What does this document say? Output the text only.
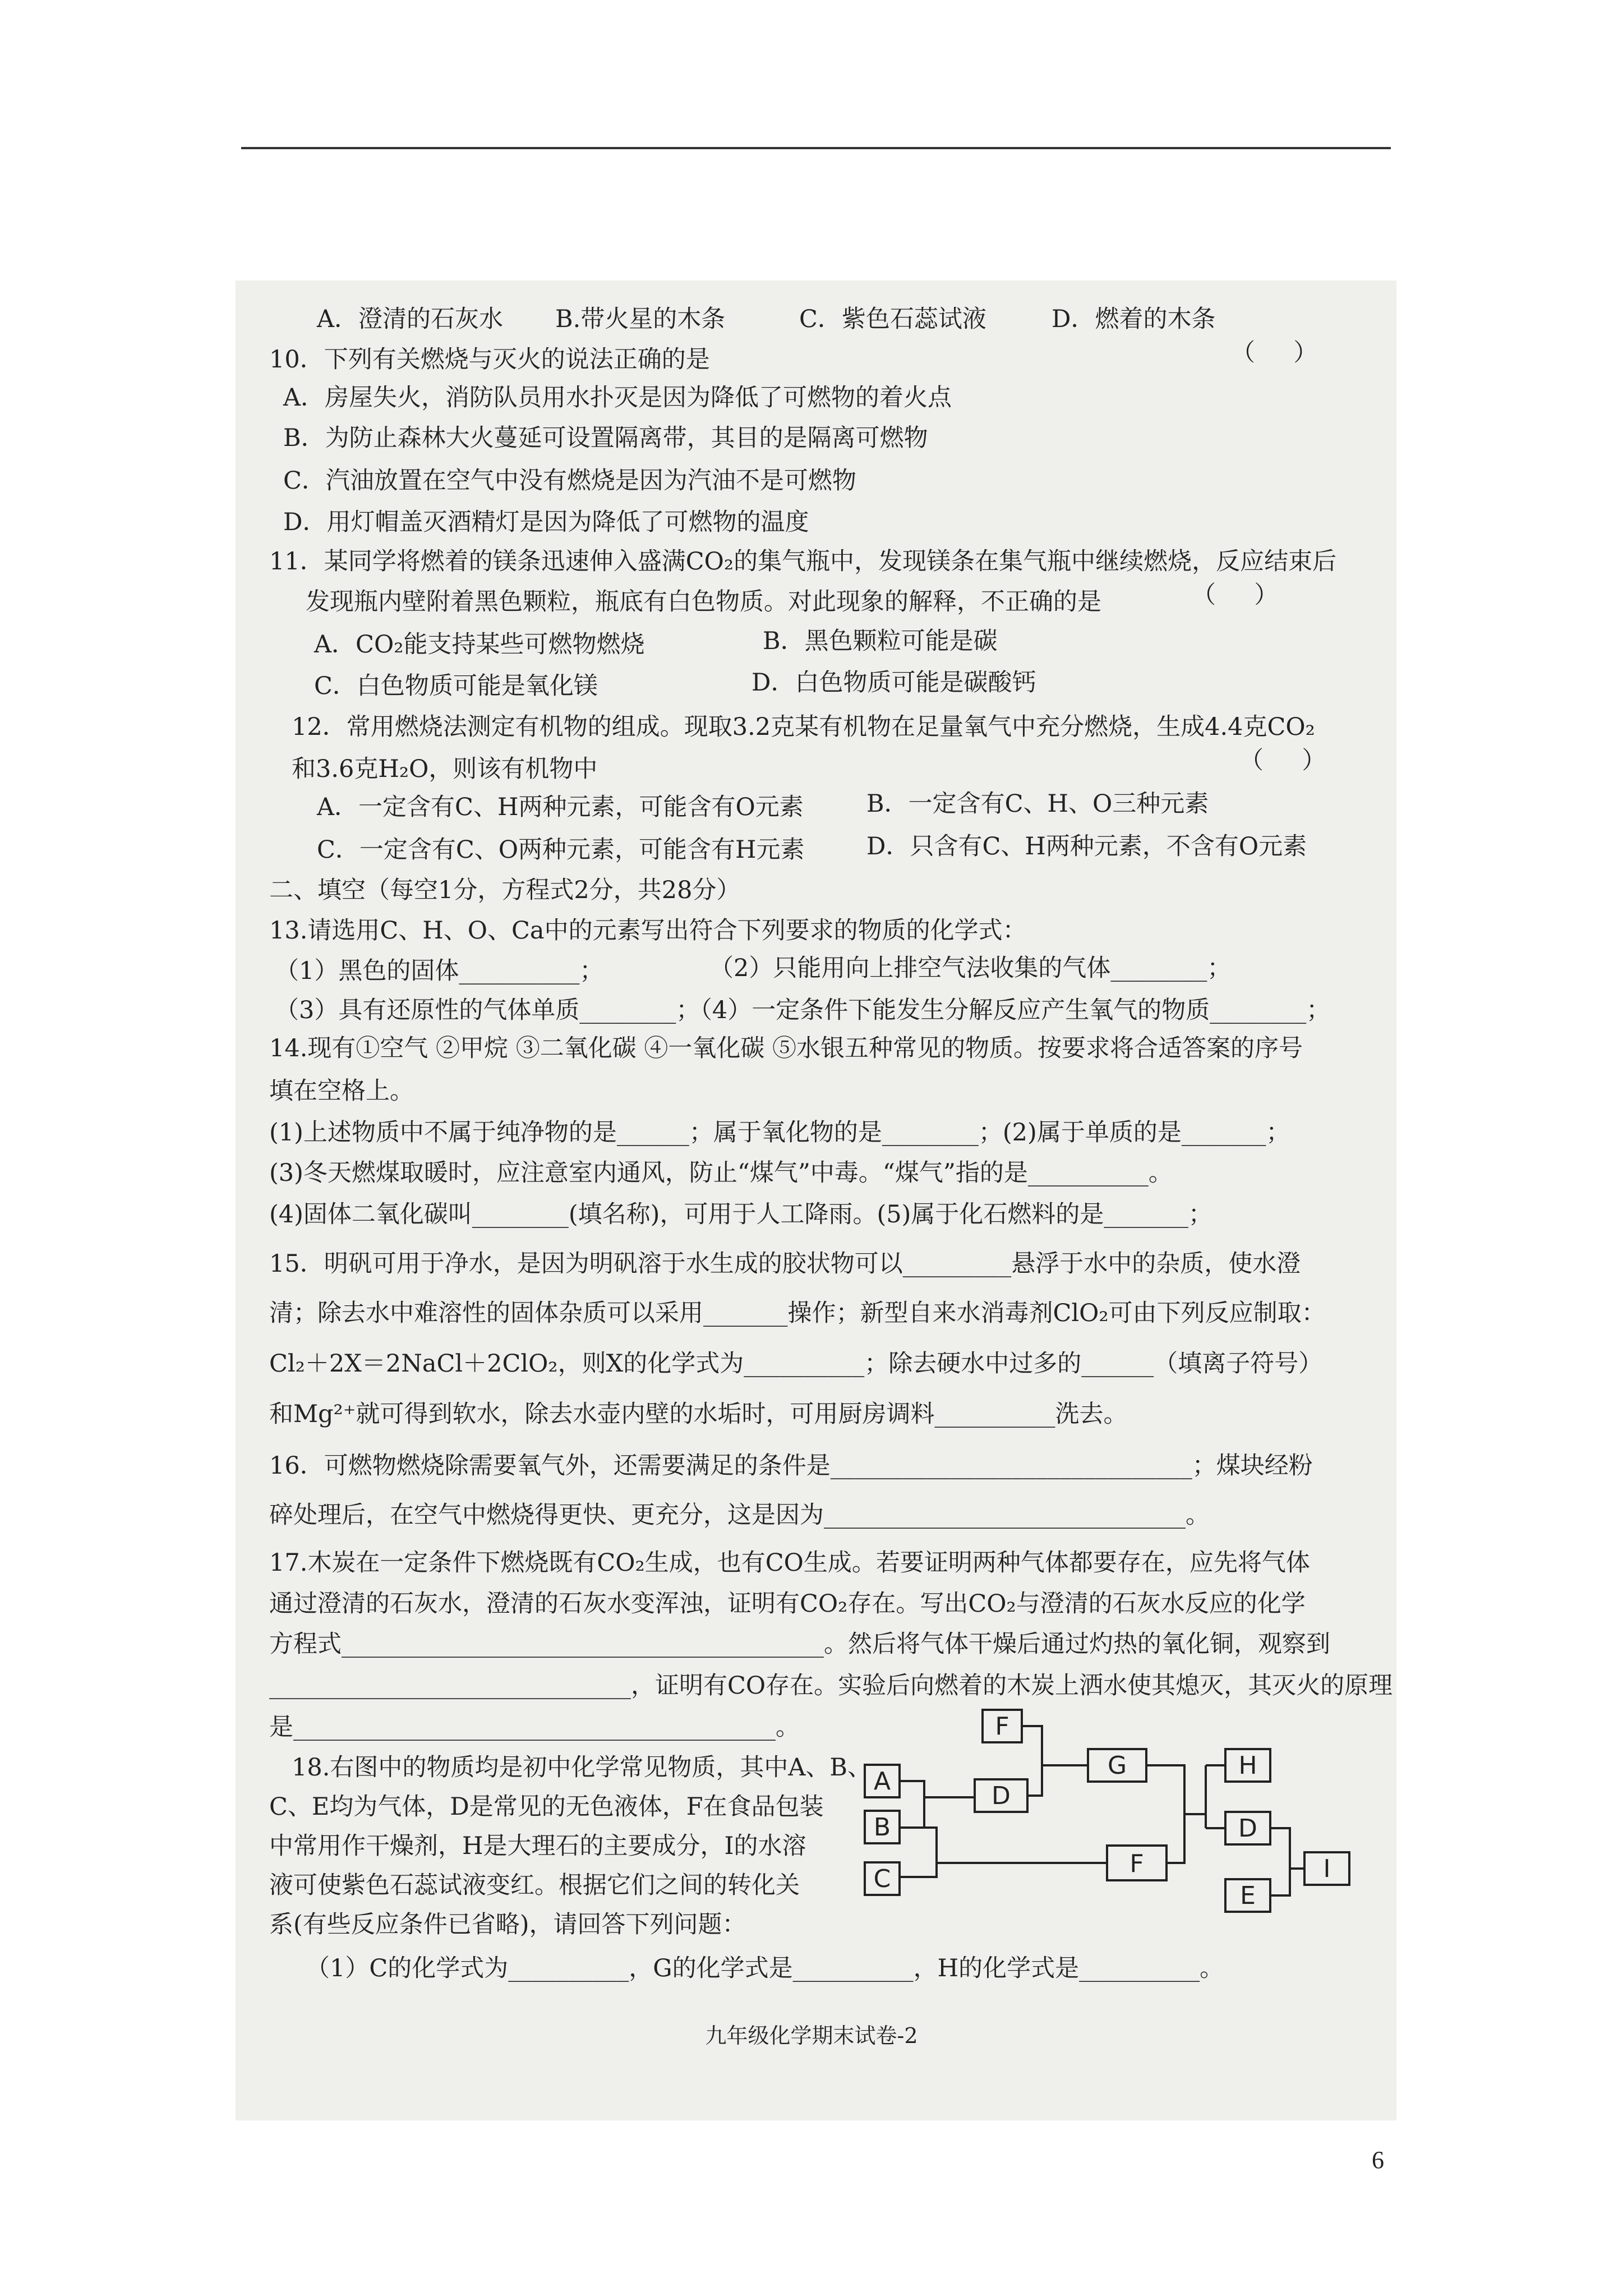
A．澄清的石灰水 B.带火星的木条	C．紫色石蕊试液	D．燃着的木条
10．下列有关燃烧与灭火的说法正确的是	（     ）
A．房屋失火，消防队员用水扑灭是因为降低了可燃物的着火点
B．为防止森林大火蔓延可设置隔离带，其目的是隔离可燃物
C．汽油放置在空气中没有燃烧是因为汽油不是可燃物
D．用灯帽盖灭酒精灯是因为降低了可燃物的温度
11．某同学将燃着的镁条迅速伸入盛满CO₂的集气瓶中，发现镁条在集气瓶中继续燃烧，反应结束后
发现瓶内壁附着黑色颗粒，瓶底有白色物质。对此现象的解释，不正确的是	（     ）
A．CO₂能支持某些可燃物燃烧	B．黑色颗粒可能是碳
C．白色物质可能是氧化镁	D．白色物质可能是碳酸钙
12．常用燃烧法测定有机物的组成。现取3.2克某有机物在足量氧气中充分燃烧，生成4.4克CO₂
和3.6克H₂O，则该有机物中	（     ）
A．一定含有C、H两种元素，可能含有O元素	B．一定含有C、H、O三种元素
C．一定含有C、O两种元素，可能含有H元素	D．只含有C、H两种元素，不含有O元素
二、填空（每空1分，方程式2分，共28分）
13.请选用C、H、O、Ca中的元素写出符合下列要求的物质的化学式：
（1）黑色的固体__________；	（2）只能用向上排空气法收集的气体________；
（3）具有还原性的气体单质________；（4）一定条件下能发生分解反应产生氧气的物质________；
14.现有①空气 ②甲烷 ③二氧化碳 ④一氧化碳 ⑤水银五种常见的物质。按要求将合适答案的序号
填在空格上。
(1)上述物质中不属于纯净物的是______；属于氧化物的是________；(2)属于单质的是_______；
(3)冬天燃煤取暖时，应注意室内通风，防止“煤气”中毒。“煤气”指的是__________。
(4)固体二氧化碳叫________(填名称)，可用于人工降雨。(5)属于化石燃料的是_______；
15．明矾可用于净水，是因为明矾溶于水生成的胶状物可以_________悬浮于水中的杂质，使水澄
清；除去水中难溶性的固体杂质可以采用_______操作；新型自来水消毒剂ClO₂可由下列反应制取：
Cl₂＋2X＝2NaCl＋2ClO₂，则X的化学式为__________；除去硬水中过多的______（填离子符号）
和Mg²⁺就可得到软水，除去水壶内壁的水垢时，可用厨房调料__________洗去。
16．可燃物燃烧除需要氧气外，还需要满足的条件是______________________________；煤块经粉
碎处理后，在空气中燃烧得更快、更充分，这是因为______________________________。
17.木炭在一定条件下燃烧既有CO₂生成，也有CO生成。若要证明两种气体都要存在，应先将气体
通过澄清的石灰水，澄清的石灰水变浑浊，证明有CO₂存在。写出CO₂与澄清的石灰水反应的化学
方程式________________________________________。然后将气体干燥后通过灼热的氧化铜，观察到
______________________________，证明有CO存在。实验后向燃着的木炭上洒水使其熄灭，其灭火的原理
是________________________________________。
18.右图中的物质均是初中化学常见物质，其中A、B、
C、E均为气体，D是常见的无色液体，F在食品包装
中常用作干燥剂，H是大理石的主要成分，I的水溶
液可使紫色石蕊试液变红。根据它们之间的转化关
系(有些反应条件已省略)，请回答下列问题：
（1）C的化学式为__________，G的化学式是__________，H的化学式是__________。
A
B
C
F
D
G
F
H
D
E
I
九年级化学期末试卷-2
6
